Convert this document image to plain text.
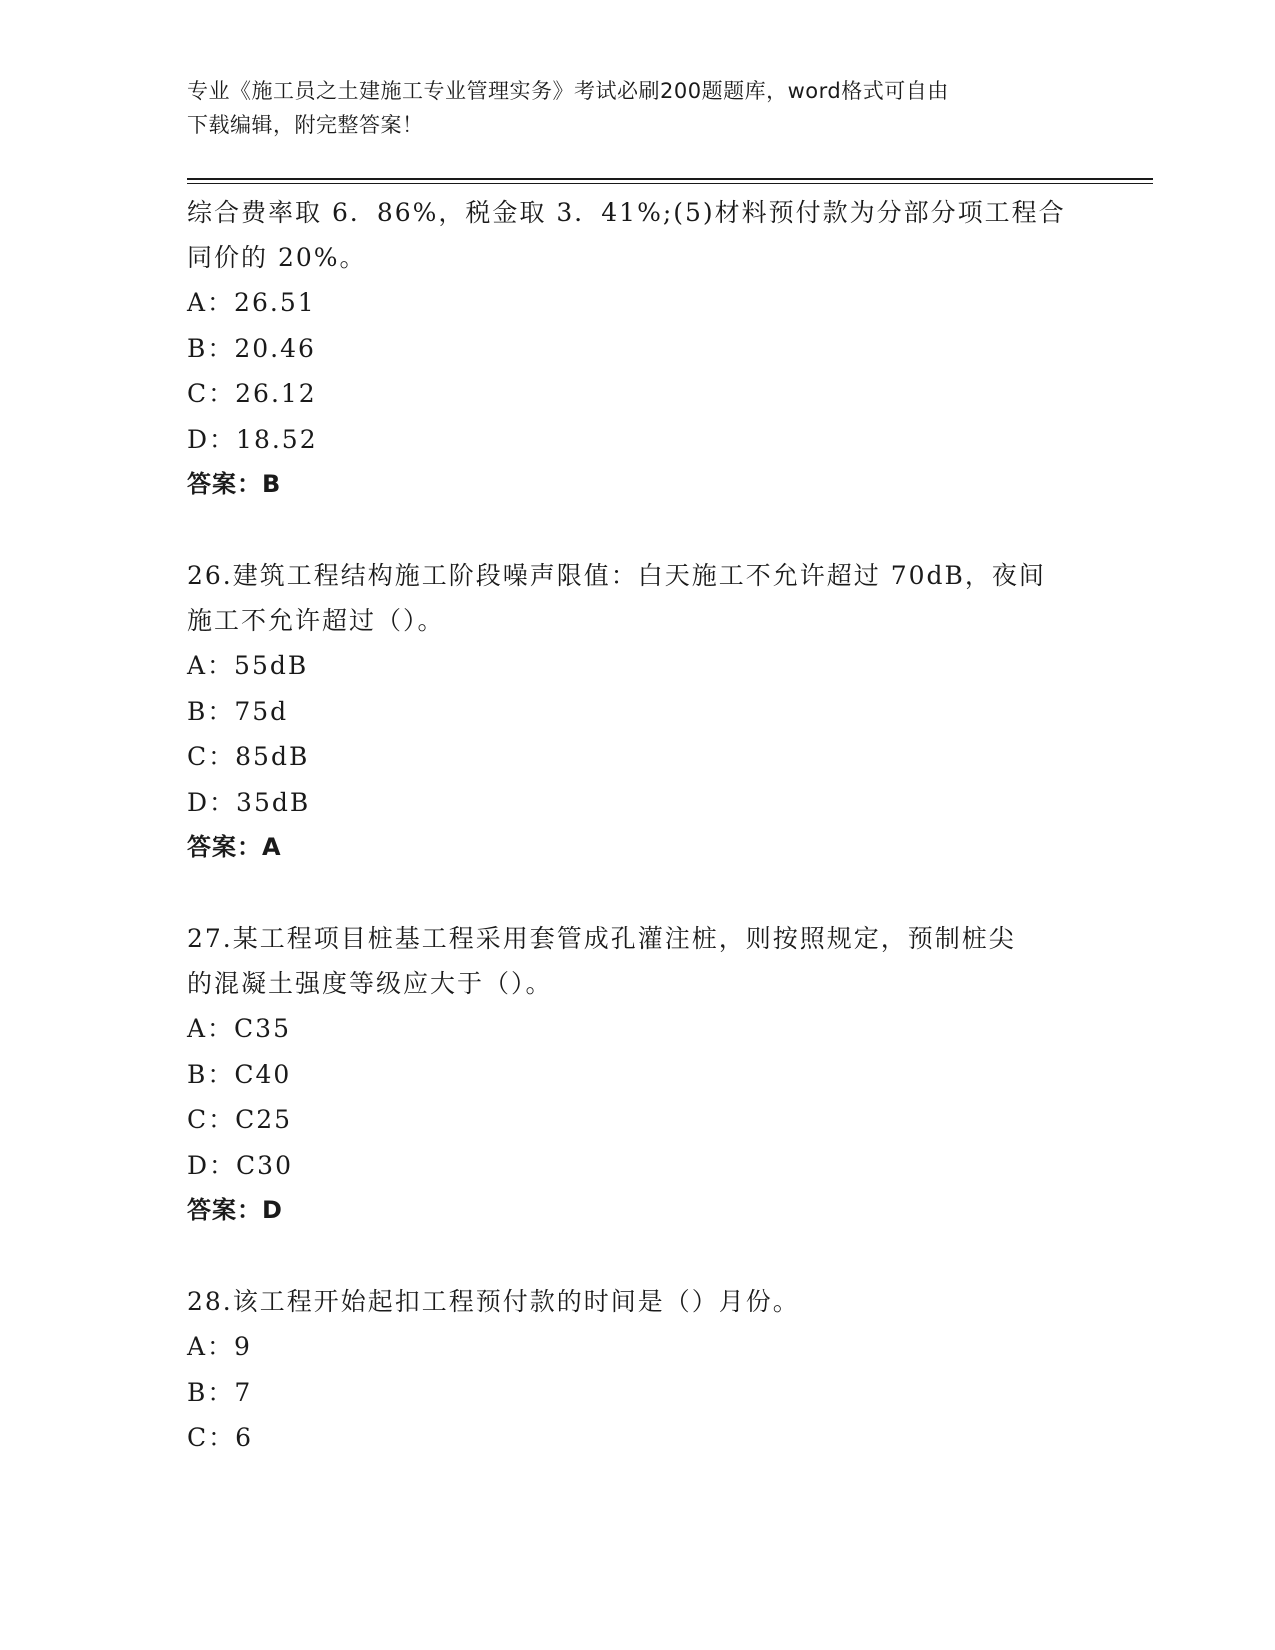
专业《施工员之土建施工专业管理实务》考试必刷200题题库，word格式可自由
下载编辑，附完整答案！

综合费率取 6．86%，税金取 3．41%;(5)材料预付款为分部分项工程合

同价的 20%。

A：26.51

B：20.46

C：26.12

D：18.52

答案：B

26.建筑工程结构施工阶段噪声限值：白天施工不允许超过 70dB，夜间

施工不允许超过（）。

A：55dB

B：75d

C：85dB

D：35dB

答案：A

27.某工程项目桩基工程采用套管成孔灌注桩，则按照规定，预制桩尖

的混凝土强度等级应大于（）。

A：C35

B：C40

C：C25

D：C30

答案：D

28.该工程开始起扣工程预付款的时间是（）月份。

A：9

B：7

C：6
